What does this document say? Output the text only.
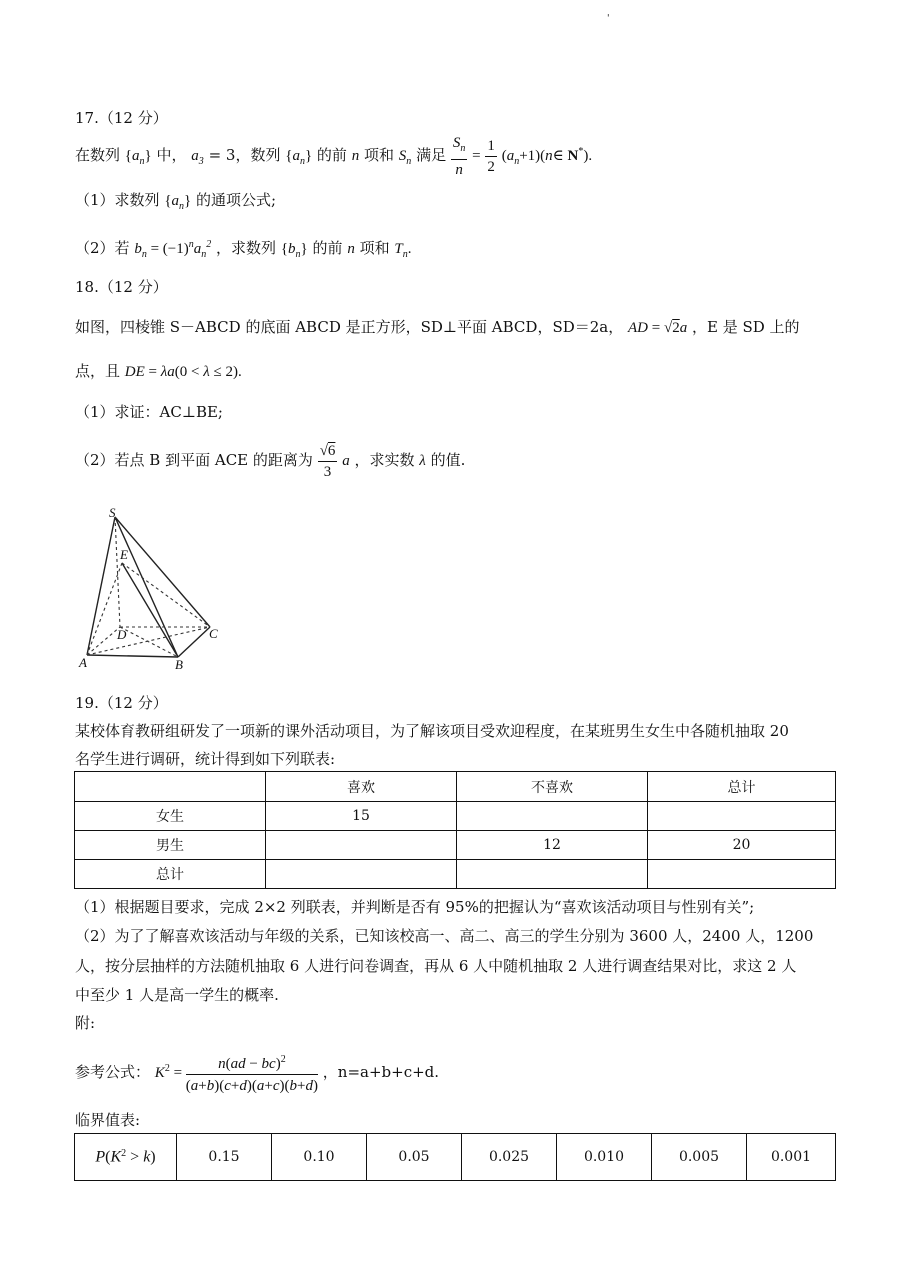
'
17.（12 分）
在数列 $\{a_n\}$ 中， $a_3 = 3$，数列 $\{a_n\}$ 的前 n 项和 $S_n$ 满足 $\frac{S_n}{n} = \frac{1}{2}$ $(a_n+1)(n\in$ N*).
（1）求数列 $\{a_n\}$ 的通项公式;
（2）若 $b_n = (-1)^na_n^2$ ，求数列 $\{b_n\}$ 的前 n 项和 $T_n$.
18.（12 分）
如图，四棱锥 S－ABCD 的底面 ABCD 是正方形，SD⊥平面 ABCD，SD＝2a， AD = √2a ，E 是 SD 上的
点，且 DE = λa(0 < λ ≤ 2).
（1）求证：AC⊥BE;
（2）若点 B 到平面 ACE 的距离为 $\frac{√6}{3}$ a ，求实数 λ 的值.
S
E
D	C
A	B
19.（12 分）
某校体育教研组研发了一项新的课外活动项目，为了解该项目受欢迎程度，在某班男生女生中各随机抽取 20
名学生进行调研，统计得到如下列联表:
	喜欢	不喜欢	总计
女生	15		
男生		12	20
总计			
（1）根据题目要求，完成 2×2 列联表，并判断是否有 95%的把握认为“喜欢该活动项目与性别有关”;
（2）为了了解喜欢该活动与年级的关系，已知该校高一、高二、高三的学生分别为 3600 人，2400 人，1200
人，按分层抽样的方法随机抽取 6 人进行问卷调查，再从 6 人中随机抽取 2 人进行调查结果对比，求这 2 人
中至少 1 人是高一学生的概率.
附:
参考公式： $K^2 = \frac{n(ad - bc)^2}{(a+b)(c+d)(a+c)(b+d)}$ ，n=a+b+c+d.
临界值表:
$P(K^2 > k)$	0.15	0.10	0.05	0.025	0.010	0.005	0.001
